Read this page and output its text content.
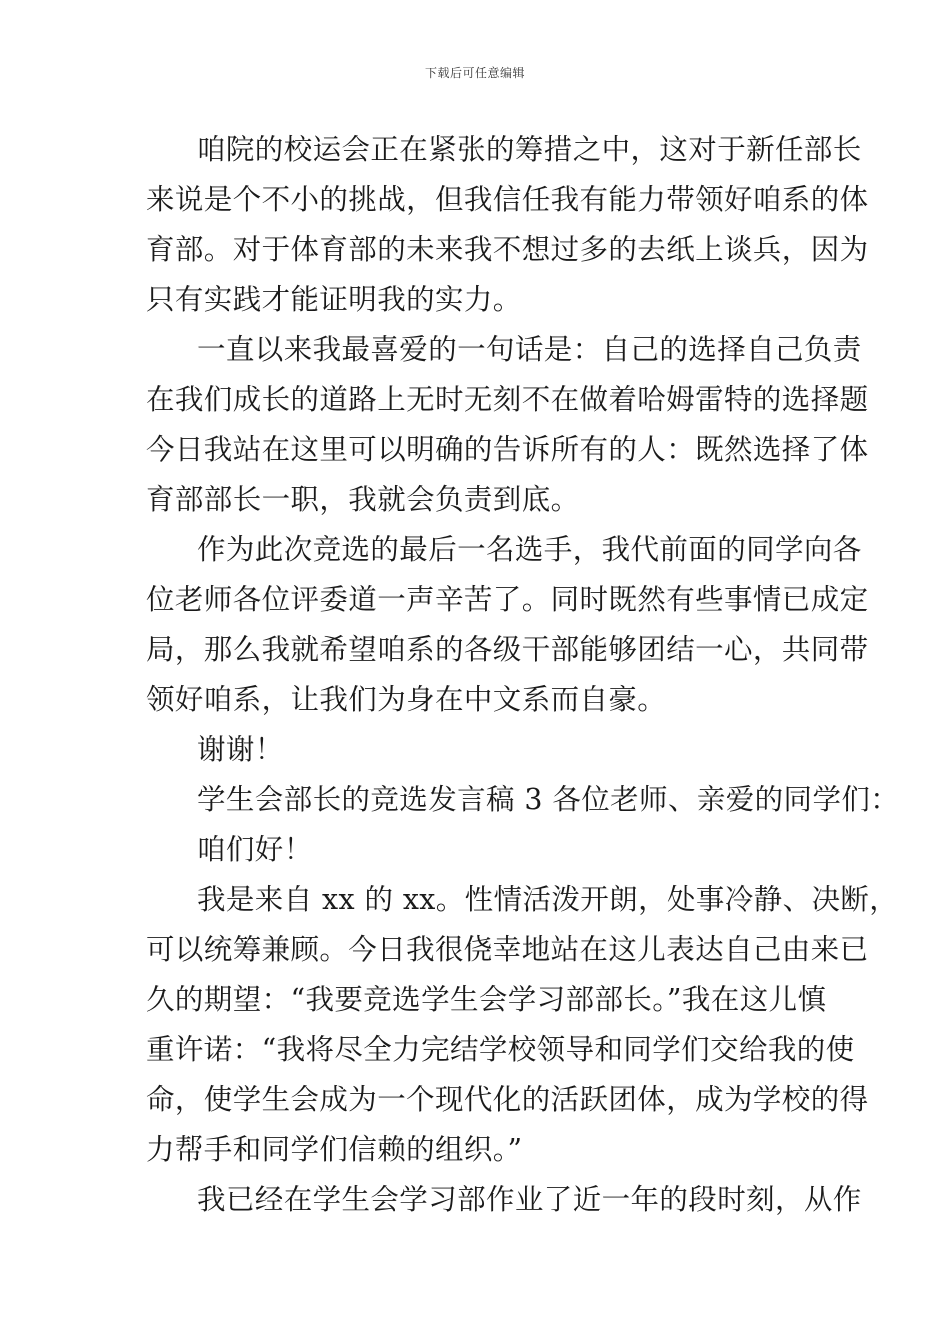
下载后可任意编辑
咱院的校运会正在紧张的筹措之中，这对于新任部长
来说是个不小的挑战，但我信任我有能力带领好咱系的体
育部。对于体育部的未来我不想过多的去纸上谈兵，因为
只有实践才能证明我的实力。
一直以来我最喜爱的一句话是：自己的选择自己负责
在我们成长的道路上无时无刻不在做着哈姆雷特的选择题
今日我站在这里可以明确的告诉所有的人：既然选择了体
育部部长一职，我就会负责到底。
作为此次竞选的最后一名选手，我代前面的同学向各
位老师各位评委道一声辛苦了。同时既然有些事情已成定
局，那么我就希望咱系的各级干部能够团结一心，共同带
领好咱系，让我们为身在中文系而自豪。
谢谢！
学生会部长的竞选发言稿 3 各位老师、亲爱的同学们：
咱们好！
我是来自 xx 的 xx。性情活泼开朗，处事冷静、决断，
可以统筹兼顾。今日我很侥幸地站在这儿表达自己由来已
久的期望：“我要竞选学生会学习部部长。”我在这儿慎
重许诺：“我将尽全力完结学校领导和同学们交给我的使
命，使学生会成为一个现代化的活跃团体，成为学校的得
力帮手和同学们信赖的组织。”
我已经在学生会学习部作业了近一年的段时刻，从作
